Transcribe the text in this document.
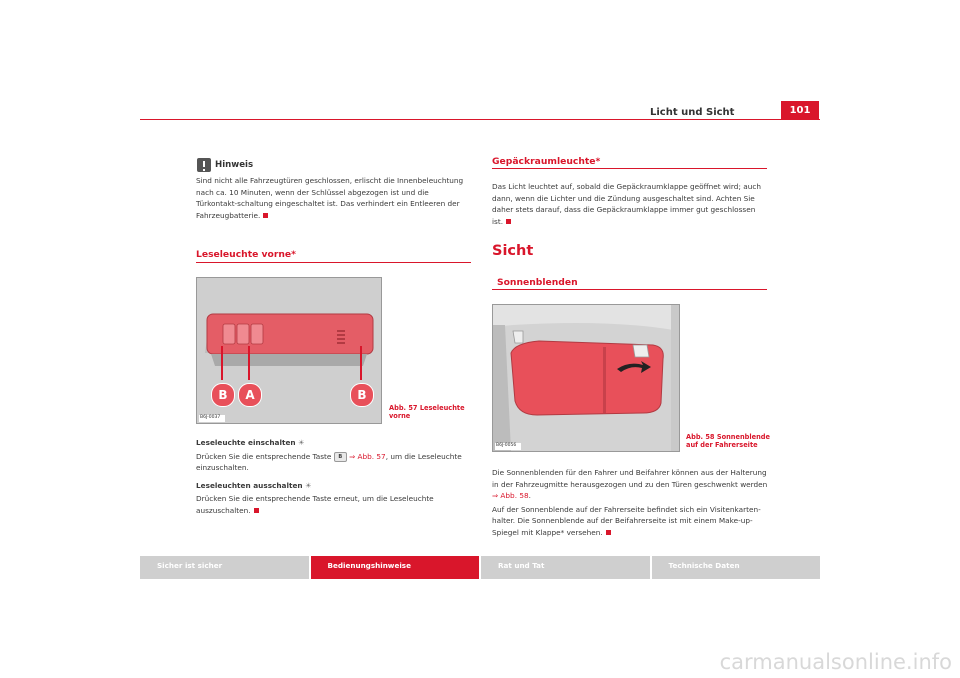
Licht und Sicht	101
Hinweis
Sind nicht alle Fahrzeugtüren geschlossen, erlischt die Innenbeleuchtung nach ca. 10 Minuten, wenn der Schlüssel abgezogen ist und die Türkontakt-schaltung eingeschaltet ist. Das verhindert ein Entleeren der Fahrzeugbatterie.
Leseleuchte vorne*
B	A	B
B6J-0037
Abb. 57 Leseleuchte
vorne
Leseleuchte einschalten ☀
Drücken Sie die entsprechende Taste B ⇒ Abb. 57, um die Leseleuchte einzuschalten.
Leseleuchten ausschalten ☀
Drücken Sie die entsprechende Taste erneut, um die Leseleuchte auszuschalten.
Gepäckraumleuchte*
Das Licht leuchtet auf, sobald die Gepäckraumklappe geöffnet wird; auch dann, wenn die Lichter und die Zündung ausgeschaltet sind. Achten Sie daher stets darauf, dass die Gepäckraumklappe immer gut geschlossen ist.
Sicht
Sonnenblenden
B6J-0056
Abb. 58 Sonnenblende
auf der Fahrerseite
Die Sonnenblenden für den Fahrer und Beifahrer können aus der Halterung in der Fahrzeugmitte herausgezogen und zu den Türen geschwenkt werden ⇒ Abb. 58.
Auf der Sonnenblende auf der Fahrerseite befindet sich ein Visitenkarten-halter. Die Sonnenblende auf der Beifahrerseite ist mit einem Make-up-Spiegel mit Klappe* versehen.
Sicher ist sicher	Bedienungshinweise	Rat und Tat	Technische Daten
carmanualsonline.info
